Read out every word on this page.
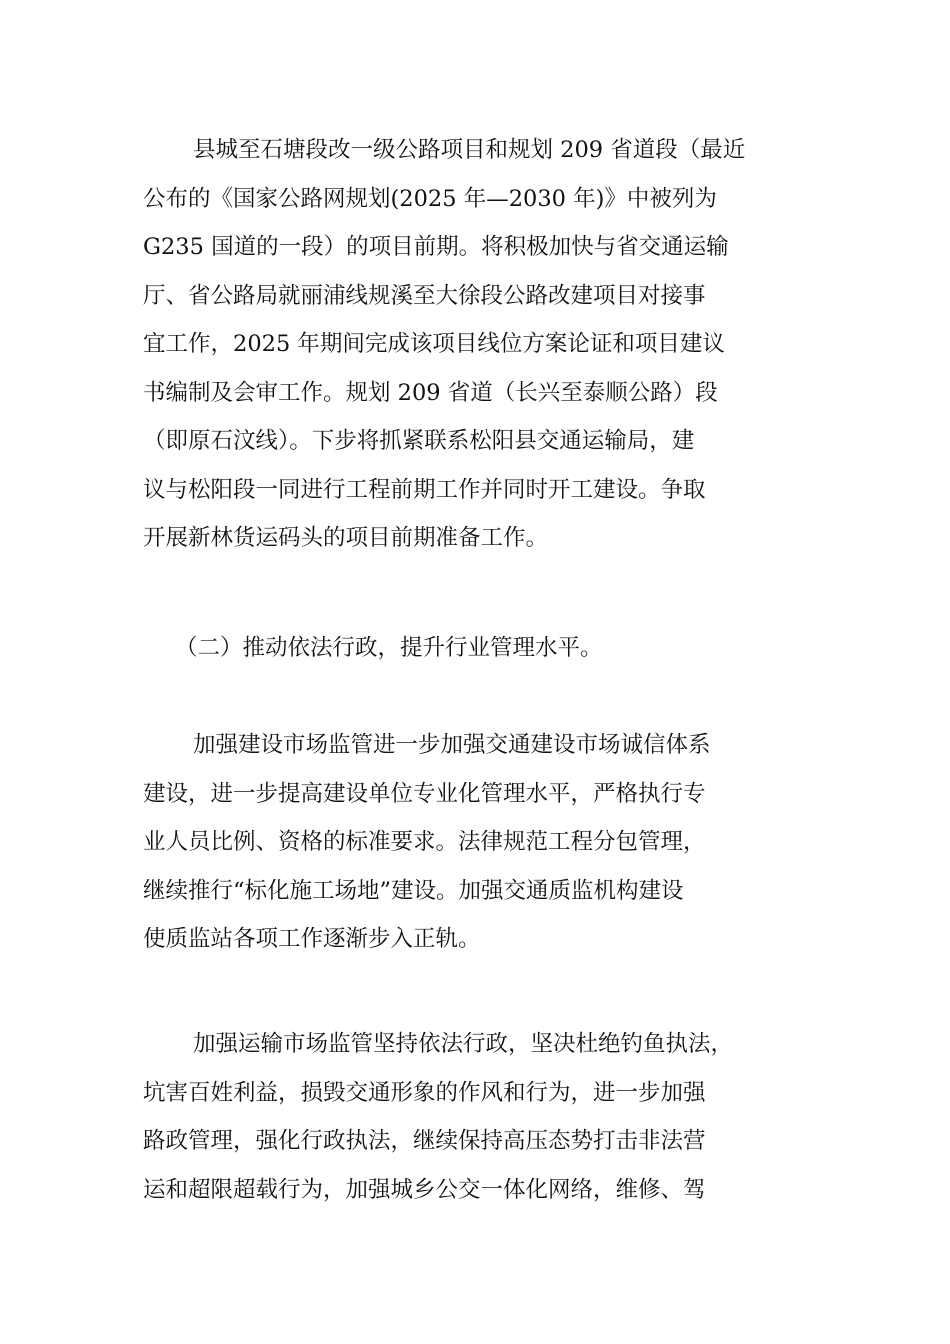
县城至石塘段改一级公路项目和规划 209 省道段（最近
公布的《国家公路网规划(2025 年—2030 年)》中被列为
G235 国道的一段）的项目前期。将积极加快与省交通运输
厅、省公路局就丽浦线规溪至大徐段公路改建项目对接事
宜工作，2025 年期间完成该项目线位方案论证和项目建议
书编制及会审工作。规划 209 省道（长兴至泰顺公路）段
（即原石汶线）。下步将抓紧联系松阳县交通运输局，建
议与松阳段一同进行工程前期工作并同时开工建设。争取
开展新林货运码头的项目前期准备工作。
（二）推动依法行政，提升行业管理水平。
加强建设市场监管进一步加强交通建设市场诚信体系
建设，进一步提高建设单位专业化管理水平，严格执行专
业人员比例、资格的标准要求。法律规范工程分包管理，
继续推行“标化施工场地”建设。加强交通质监机构建设
使质监站各项工作逐渐步入正轨。
加强运输市场监管坚持依法行政，坚决杜绝钓鱼执法，
坑害百姓利益，损毁交通形象的作风和行为，进一步加强
路政管理，强化行政执法，继续保持高压态势打击非法营
运和超限超载行为，加强城乡公交一体化网络，维修、驾
